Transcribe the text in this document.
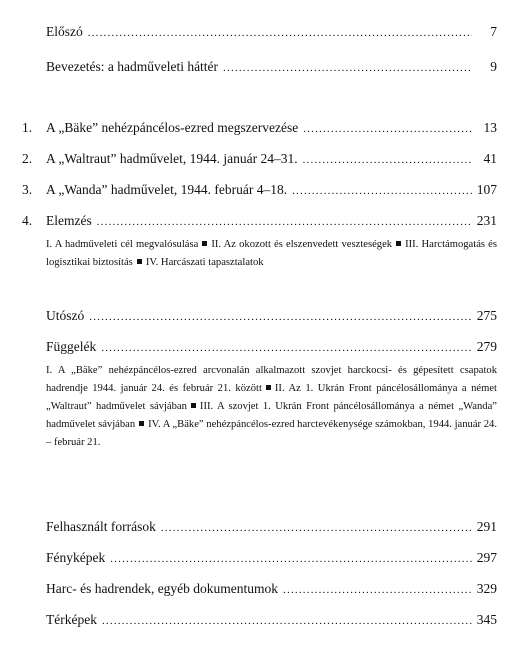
Előszó .....	7
Bevezetés: a hadműveleti háttér .....	9
1.	A „Bäke” nehézpáncélos-ezred megszervezése .....	13
2.	A „Waltraut” hadművelet, 1944. január 24–31. .....	41
3.	A „Wanda” hadművelet, 1944. február 4–18. .....	107
4.	Elemzés .....	231
I. A hadműveleti cél megvalósulása II. Az okozott és elszenvedett veszteségek III. Harctámogatás és logisztikai biztosítás IV. Harcászati tapasztalatok
Utószó .....	275
Függelék .....	279
I. A „Bäke” nehézpáncélos-ezred arcvonalán alkalmazott szovjet harckocsi- és gépesített csapatok hadrendje 1944. január 24. és február 21. között II. Az 1. Ukrán Front páncélosállománya a német „Waltraut” hadművelet sávjában III. A szovjet 1. Ukrán Front páncélosállománya a német „Wanda” hadművelet sávjában IV. A „Bäke” nehézpáncélos-ezred harctevékenysége számokban, 1944. január 24. – február 21.
Felhasznált források .....	291
Fényképek .....	297
Harc- és hadrendek, egyéb dokumentumok .....	329
Térképek .....	345
